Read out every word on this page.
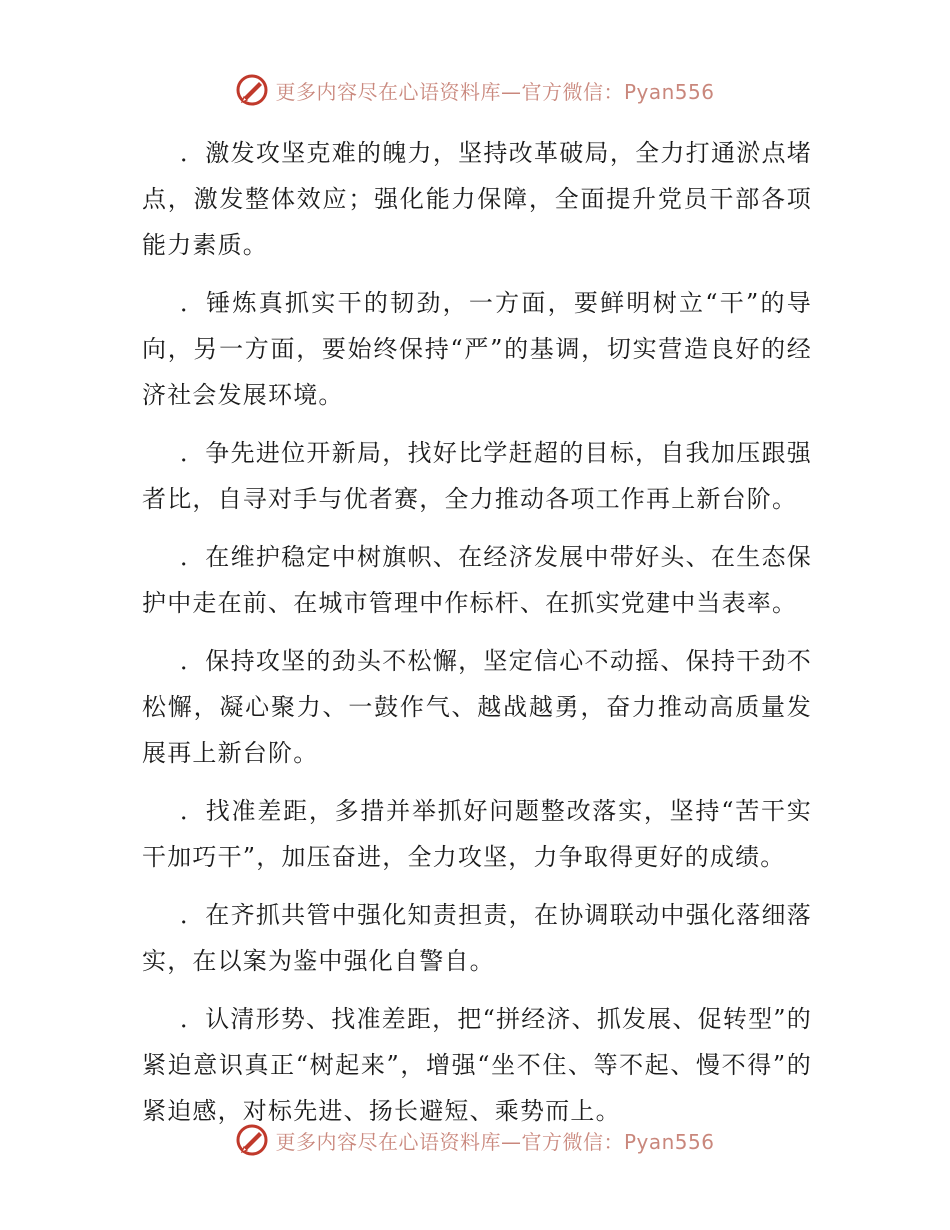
更多内容尽在心语资料库—官方微信：Pyan556

．激发攻坚克难的魄力，坚持改革破局，全力打通淤点堵点，激发整体效应；强化能力保障，全面提升党员干部各项能力素质。

．锤炼真抓实干的韧劲，一方面，要鲜明树立“干”的导向，另一方面，要始终保持“严”的基调，切实营造良好的经济社会发展环境。

．争先进位开新局，找好比学赶超的目标，自我加压跟强者比，自寻对手与优者赛，全力推动各项工作再上新台阶。

．在维护稳定中树旗帜、在经济发展中带好头、在生态保护中走在前、在城市管理中作标杆、在抓实党建中当表率。

．保持攻坚的劲头不松懈，坚定信心不动摇、保持干劲不松懈，凝心聚力、一鼓作气、越战越勇，奋力推动高质量发展再上新台阶。

．找准差距，多措并举抓好问题整改落实，坚持“苦干实干加巧干”，加压奋进，全力攻坚，力争取得更好的成绩。

．在齐抓共管中强化知责担责，在协调联动中强化落细落实，在以案为鉴中强化自警自。

．认清形势、找准差距，把“拼经济、抓发展、促转型”的紧迫意识真正“树起来”，增强“坐不住、等不起、慢不得”的紧迫感，对标先进、扬长避短、乘势而上。

更多内容尽在心语资料库—官方微信：Pyan556
